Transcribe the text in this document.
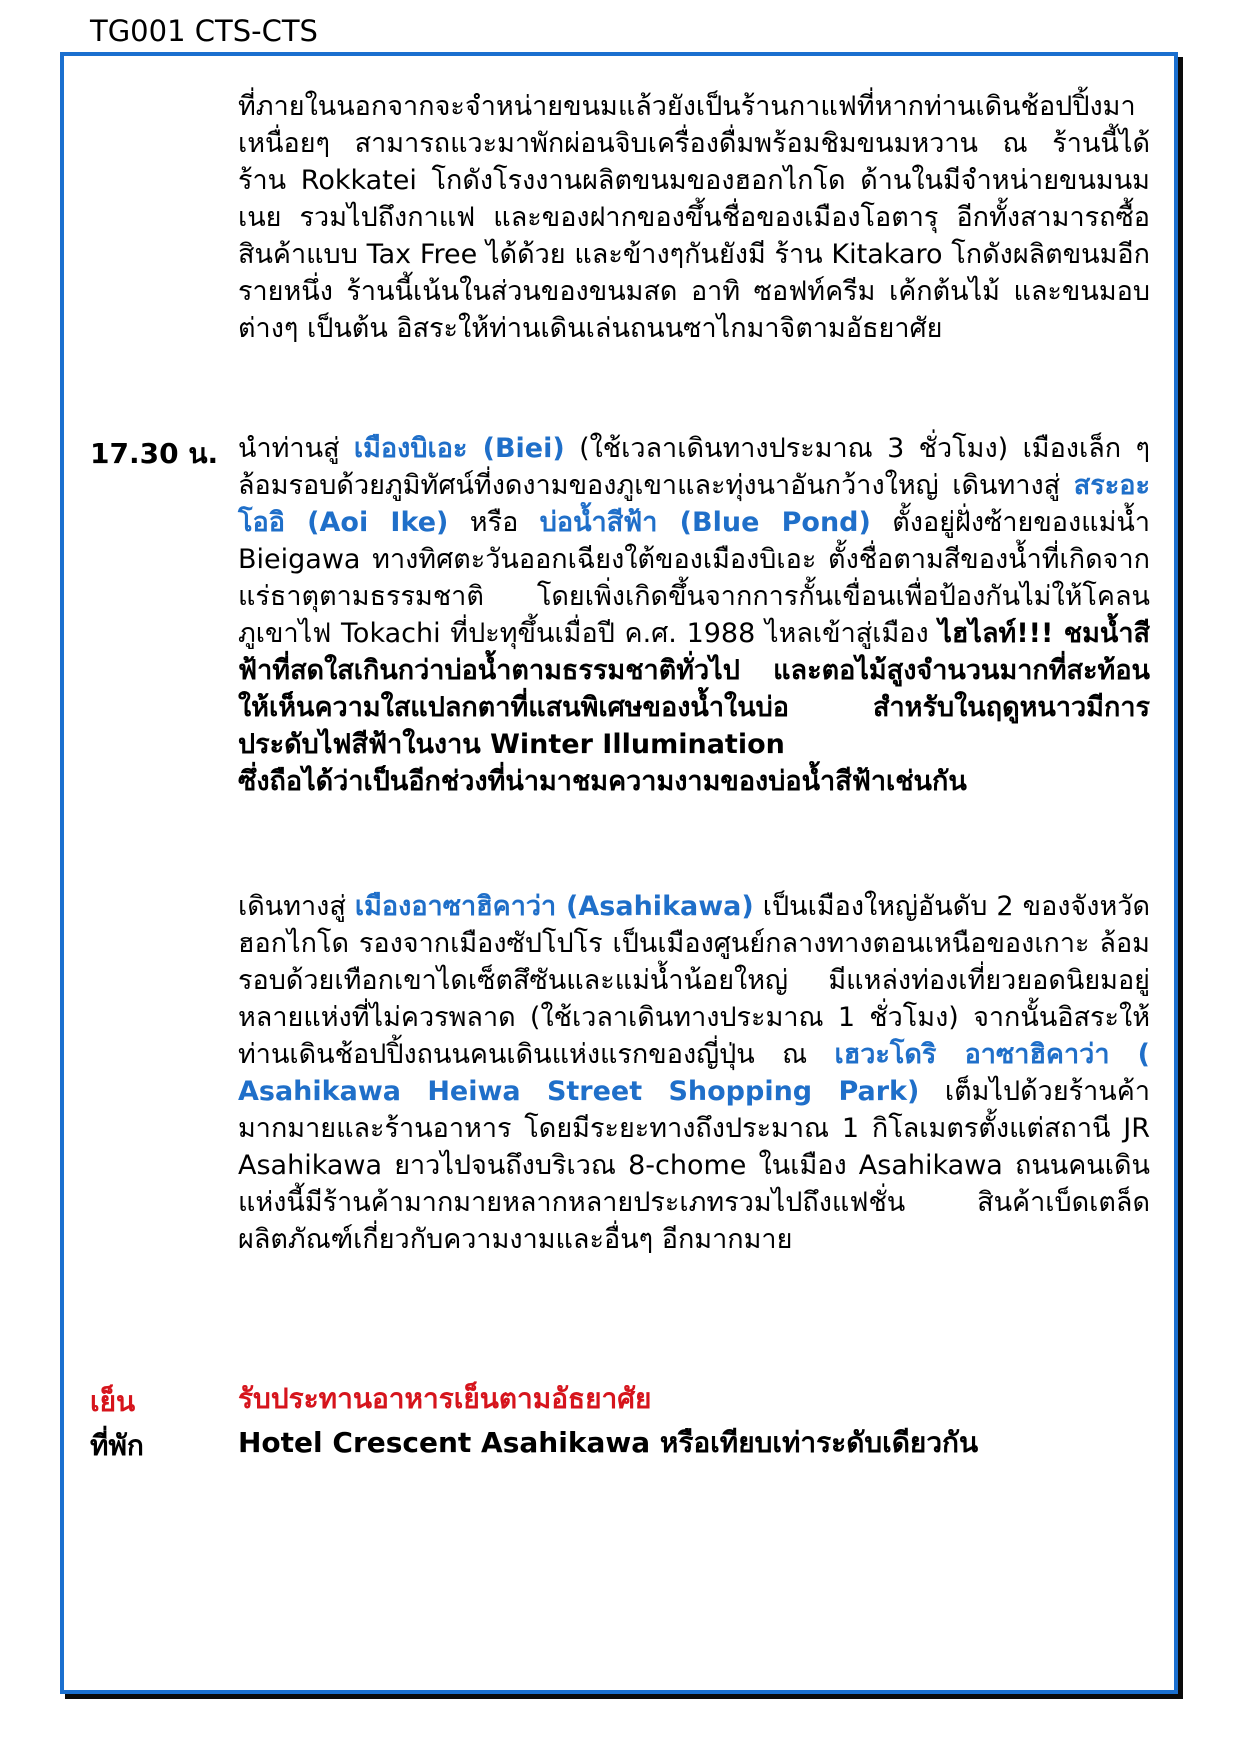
TG001 CTS-CTS

ที่ภายในนอกจากจะจำหน่ายขนมแล้วยังเป็นร้านกาแฟที่หากท่านเดินช้อปปิ้งมาเหนื่อยๆ สามารถแวะมาพักผ่อนจิบเครื่องดื่มพร้อมชิมขนมหวาน ณ ร้านนี้ได้ ร้าน Rokkatei โกดังโรงงานผลิตขนมของฮอกไกโด ด้านในมีจำหน่ายขนมนมเนย รวมไปถึงกาแฟ และของฝากของขึ้นชื่อของเมืองโอตารุ อีกทั้งสามารถซื้อสินค้าแบบ Tax Free ได้ด้วย และข้างๆกันยังมี ร้าน Kitakaro โกดังผลิตขนมอีกรายหนึ่ง ร้านนี้เน้นในส่วนของขนมสด อาทิ ซอฟท์ครีม เค้กต้นไม้ และขนมอบต่างๆ เป็นต้น อิสระให้ท่านเดินเล่นถนนซาไกมาจิตามอัธยาศัย

17.30 น. นำท่านสู่ เมืองบิเอะ (Biei) (ใช้เวลาเดินทางประมาณ 3 ชั่วโมง) เมืองเล็ก ๆ ล้อมรอบด้วยภูมิทัศน์ที่งดงามของภูเขาและทุ่งนาอันกว้างใหญ่ เดินทางสู่ สระอะโออิ (Aoi Ike) หรือ บ่อน้ำสีฟ้า (Blue Pond) ตั้งอยู่ฝั่งซ้ายของแม่น้ำ Bieigawa ทางทิศตะวันออกเฉียงใต้ของเมืองบิเอะ ตั้งชื่อตามสีของน้ำที่เกิดจากแร่ธาตุตามธรรมชาติ โดยเพิ่งเกิดขึ้นจากการกั้นเขื่อนเพื่อป้องกันไม่ให้โคลนภูเขาไฟ Tokachi ที่ปะทุขึ้นเมื่อปี ค.ศ. 1988 ไหลเข้าสู่เมือง ไฮไลท์!!! ชมน้ำสีฟ้าที่สดใสเกินกว่าบ่อน้ำตามธรรมชาติทั่วไป และตอไม้สูงจำนวนมากที่สะท้อนให้เห็นความใสแปลกตาที่แสนพิเศษของน้ำในบ่อ สำหรับในฤดูหนาวมีการประดับไฟสีฟ้าในงาน Winter Illumination

ซึ่งถือได้ว่าเป็นอีกช่วงที่น่ามาชมความงามของบ่อน้ำสีฟ้าเช่นกัน

เดินทางสู่ เมืองอาซาฮิคาว่า (Asahikawa) เป็นเมืองใหญ่อันดับ 2 ของจังหวัดฮอกไกโด รองจากเมืองซัปโปโร เป็นเมืองศูนย์กลางทางตอนเหนือของเกาะ ล้อมรอบด้วยเทือกเขาไดเซ็ตสึซันและแม่น้ำน้อยใหญ่ มีแหล่งท่องเที่ยวยอดนิยมอยู่หลายแห่งที่ไม่ควรพลาด (ใช้เวลาเดินทางประมาณ 1 ชั่วโมง) จากนั้นอิสระให้ท่านเดินช้อปปิ้งถนนคนเดินแห่งแรกของญี่ปุ่น ณ เฮวะโดริ อาซาฮิคาว่า ( Asahikawa Heiwa Street Shopping Park) เต็มไปด้วยร้านค้ามากมายและร้านอาหาร โดยมีระยะทางถึงประมาณ 1 กิโลเมตรตั้งแต่สถานี JR Asahikawa ยาวไปจนถึงบริเวณ 8-chome ในเมือง Asahikawa ถนนคนเดินแห่งนี้มีร้านค้ามากมายหลากหลายประเภทรวมไปถึงแฟชั่น สินค้าเบ็ดเตล็ด ผลิตภัณฑ์เกี่ยวกับความงามและอื่นๆ อีกมากมาย

เย็น	รับประทานอาหารเย็นตามอัธยาศัย
ที่พัก	Hotel Crescent Asahikawa หรือเทียบเท่าระดับเดียวกัน
